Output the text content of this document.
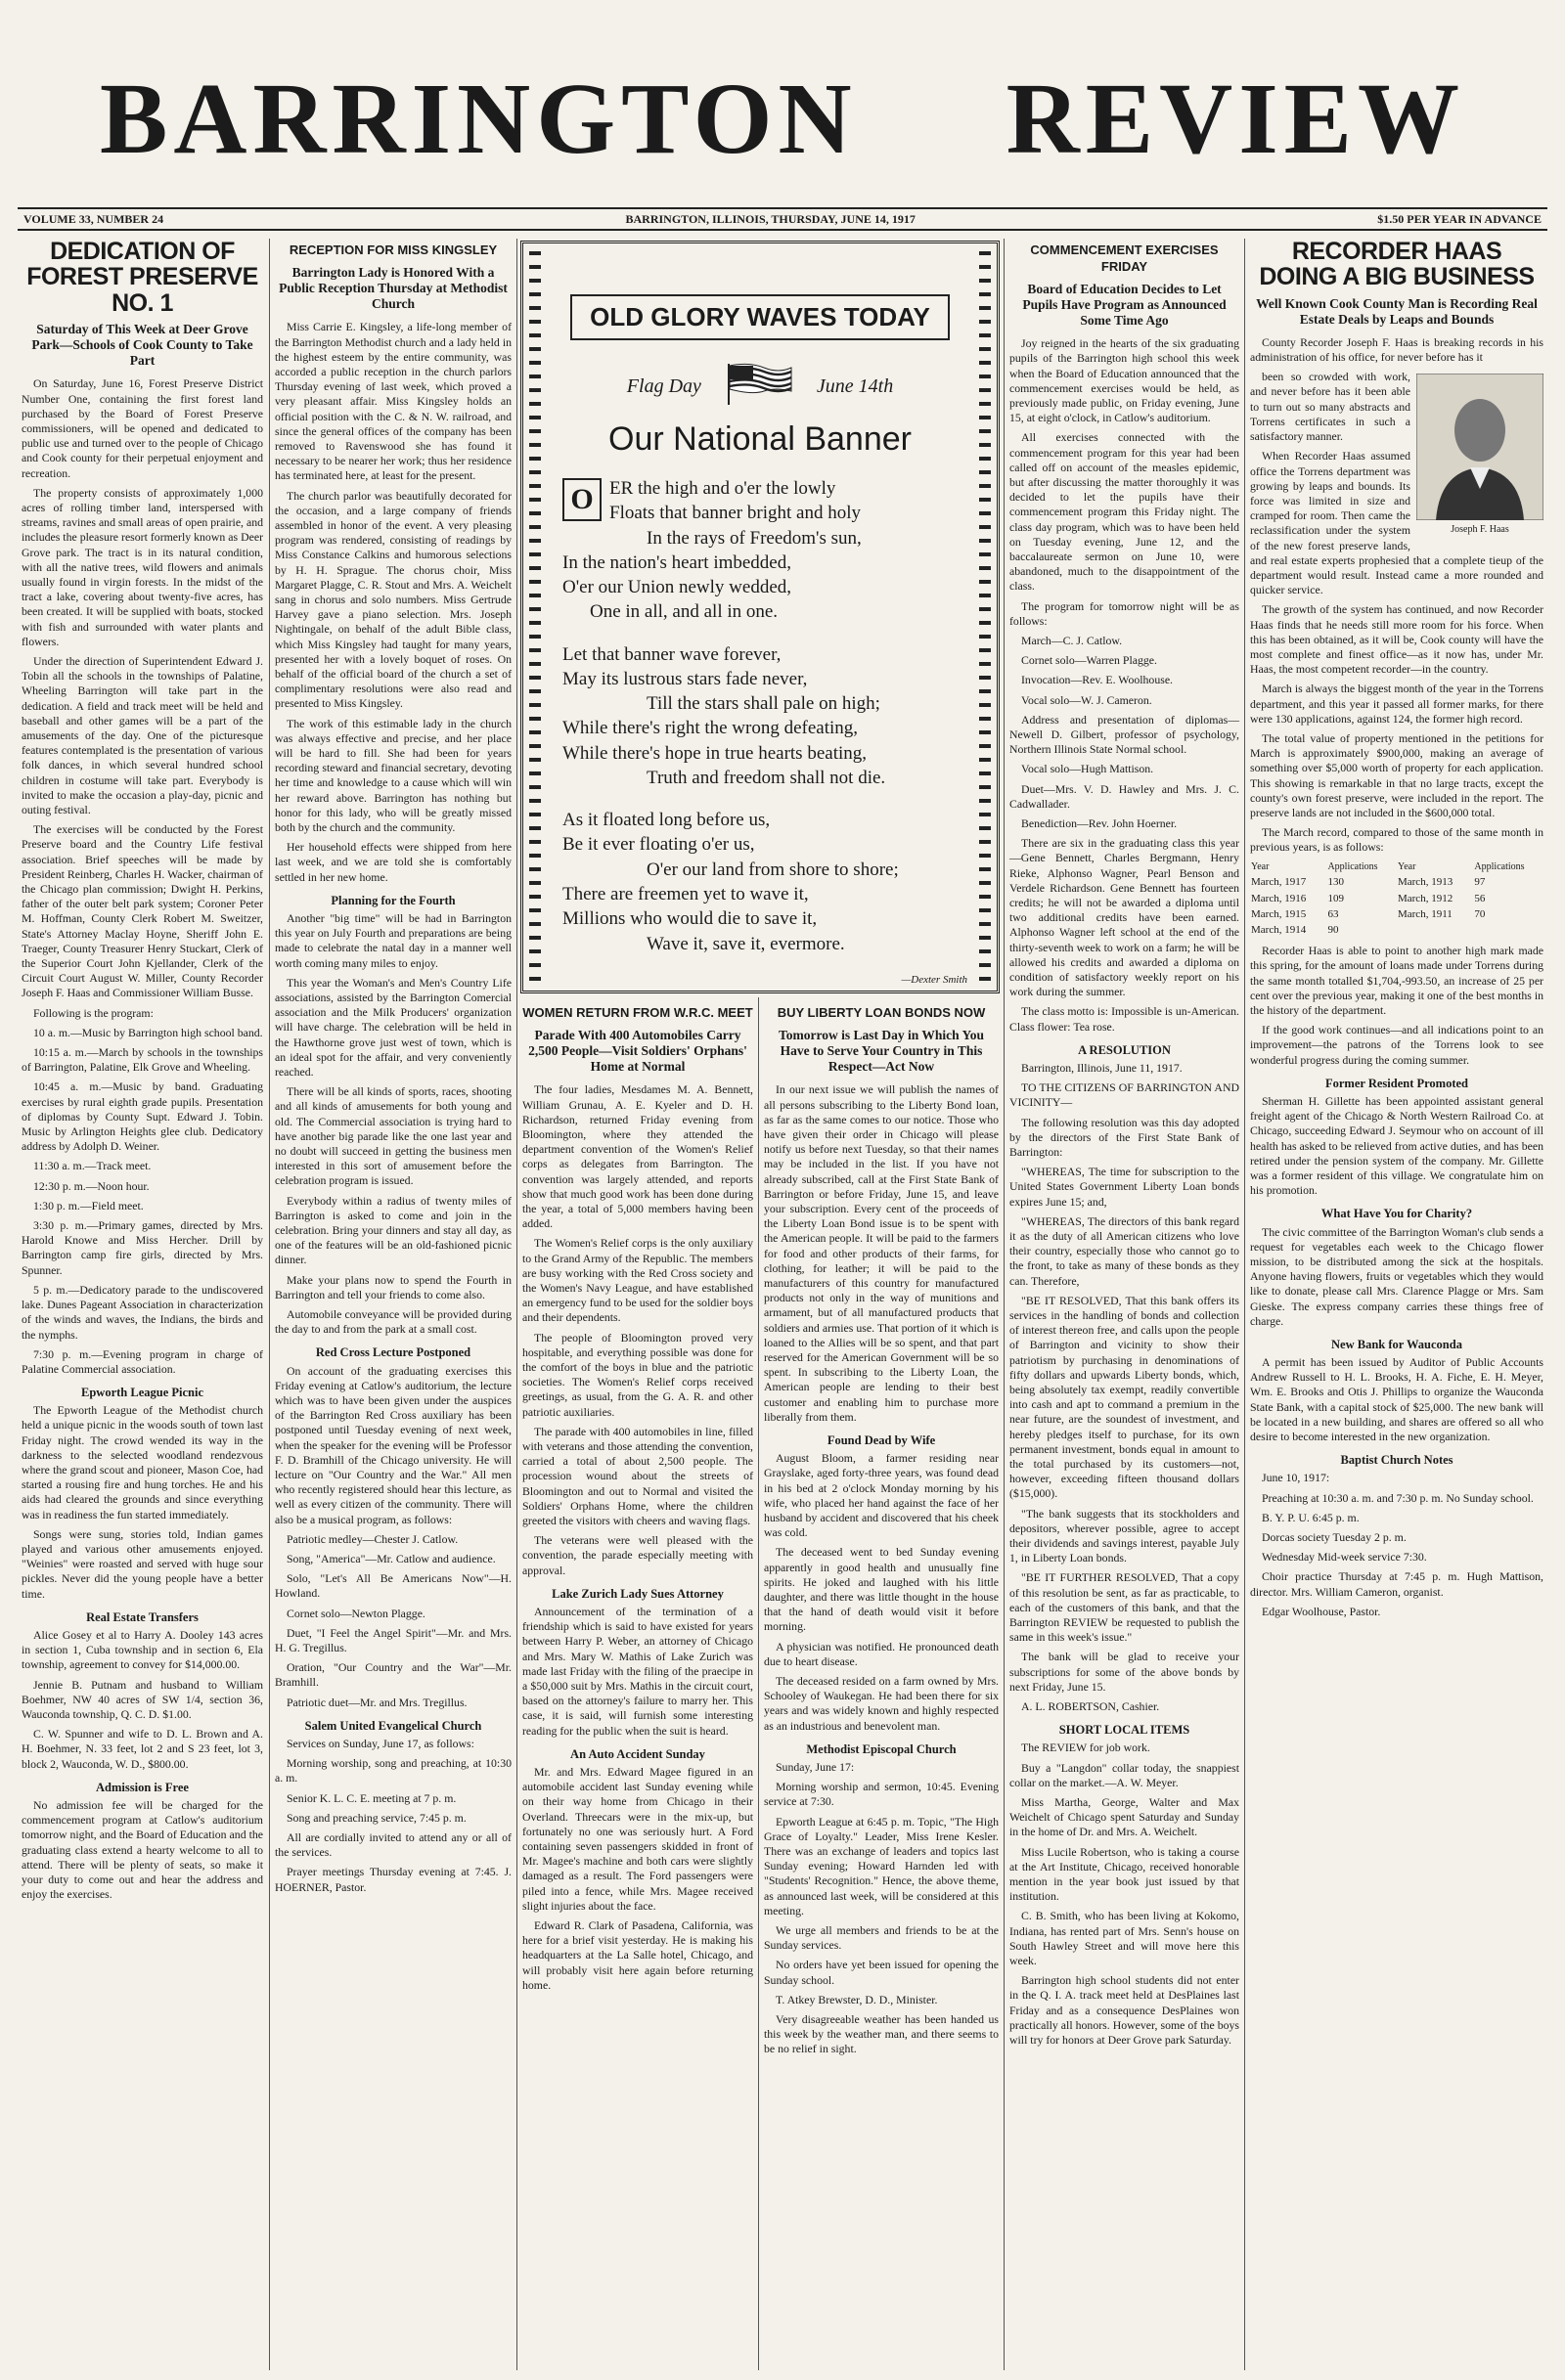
BARRINGTON REVIEW
VOLUME 33, NUMBER 24	BARRINGTON, ILLINOIS, THURSDAY, JUNE 14, 1917	$1.50 PER YEAR IN ADVANCE
DEDICATION OF FOREST PRESERVE NO. 1
Saturday of This Week at Deer Grove Park—Schools of Cook County to Take Part

On Saturday, June 16, Forest Preserve District Number One, containing the first forest land purchased by the Board of Forest Preserve commissioners, will be opened and dedicated to public use and turned over to the people of Chicago and Cook county for their perpetual enjoyment and recreation.

The property consists of approximately 1,000 acres of rolling timber land, interspersed with streams, ravines and small areas of open prairie, and includes the pleasure resort formerly known as Deer Grove park. The tract is in its natural condition, with all the native trees, wild flowers and animals usually found in virgin forests. In the midst of the tract a lake, covering about twenty-five acres, has been created. It will be supplied with boats, stocked with fish and surrounded with water plants and flowers.

Under the direction of Superintendent Edward J. Tobin all the schools in the townships of Palatine, Wheeling Barrington will take part in the dedication. A field and track meet will be held and baseball and other games will be a part of the amusements of the day. One of the picturesque features contemplated is the presentation of various folk dances, in which several hundred school children in costume will take part. Everybody is invited to make the occasion a play-day, picnic and outing festival.

The exercises will be conducted by the Forest Preserve board and the Country Life festival association. Brief speeches will be made by President Reinberg, Charles H. Wacker, chairman of the Chicago plan commission; Dwight H. Perkins, father of the outer belt park system; Coroner Peter M. Hoffman, County Clerk Robert M. Sweitzer, State's Attorney Maclay Hoyne, Sheriff John E. Traeger, County Treasurer Henry Stuckart, Clerk of the Superior Court John Kjellander, Clerk of the Circuit Court August W. Miller, County Recorder Joseph F. Haas and Commissioner William Busse.

Following is the program:

10 a. m.—Music by Barrington high school band.

10:15 a. m.—March by schools in the townships of Barrington, Palatine, Elk Grove and Wheeling.

10:45 a. m.—Music by band. Graduating exercises by rural eighth grade pupils. Presentation of diplomas by County Supt. Edward J. Tobin. Music by Arlington Heights glee club. Dedicatory address by Adolph D. Weiner.

11:30 a. m.—Track meet.

12:30 p. m.—Noon hour.

1:30 p. m.—Field meet.

3:30 p. m.—Primary games, directed by Mrs. Harold Knowe and Miss Hercher. Drill by Barrington camp fire girls, directed by Mrs. Spunner.

5 p. m.—Dedicatory parade to the undiscovered lake. Dunes Pageant Association in characterization of the winds and waves, the Indians, the birds and the nymphs.

7:30 p. m.—Evening program in charge of Palatine Commercial association.

Epworth League Picnic

The Epworth League of the Methodist church held a unique picnic in the woods south of town last Friday night. The crowd wended its way in the darkness to the selected woodland rendezvous where the grand scout and pioneer, Mason Coe, had started a rousing fire and hung torches. He and his aids had cleared the grounds and since everything was in readiness the fun started immediately.

Songs were sung, stories told, Indian games played and various other amusements enjoyed. "Weinies" were roasted and served with huge sour pickles. Never did the young people have a better time.

Real Estate Transfers

Alice Gosey et al to Harry A. Dooley 143 acres in section 1, Cuba township and in section 6, Ela township, agreement to convey for $14,000.00.

Jennie B. Putnam and husband to William Boehmer, NW 40 acres of SW 1/4, section 36, Wauconda township, Q. C. D. $1.00.

C. W. Spunner and wife to D. L. Brown and A. H. Boehmer, N. 33 feet, lot 2 and S 23 feet, lot 3, block 2, Wauconda, W. D., $800.00.

Admission is Free

No admission fee will be charged for the commencement program at Catlow's auditorium tomorrow night, and the Board of Education and the graduating class extend a hearty welcome to all to attend. There will be plenty of seats, so make it your duty to come out and hear the address and enjoy the exercises.

RECEPTION FOR MISS KINGSLEY
Barrington Lady is Honored With a Public Reception Thursday at Methodist Church

Miss Carrie E. Kingsley, a life-long member of the Barrington Methodist church and a lady held in the highest esteem by the entire community, was accorded a public reception in the church parlors Thursday evening of last week, which proved a very pleasant affair. Miss Kingsley holds an official position with the C. & N. W. railroad, and since the general offices of the company has been removed to Ravenswood she has found it necessary to be nearer her work; thus her residence has terminated here, at least for the present.

The church parlor was beautifully decorated for the occasion, and a large company of friends assembled in honor of the event. A very pleasing program was rendered, consisting of readings by Miss Constance Calkins and humorous selections by H. H. Sprague. The chorus choir, Miss Margaret Plagge, C. R. Stout and Mrs. A. Weichelt sang in chorus and solo numbers. Miss Gertrude Harvey gave a piano selection. Mrs. Joseph Nightingale, on behalf of the adult Bible class, which Miss Kingsley had taught for many years, presented her with a lovely boquet of roses. On behalf of the official board of the church a set of complimentary resolutions were also read and presented to Miss Kingsley.

The work of this estimable lady in the church was always effective and precise, and her place will be hard to fill. She had been for years recording steward and financial secretary, devoting her time and knowledge to a cause which will win her reward above. Barrington has nothing but honor for this lady, who will be greatly missed both by the church and the community.

Her household effects were shipped from here last week, and we are told she is comfortably settled in her new home.

Planning for the Fourth

Another "big time" will be had in Barrington this year on July Fourth and preparations are being made to celebrate the natal day in a manner well worth coming many miles to enjoy.

This year the Woman's and Men's Country Life associations, assisted by the Barrington Comercial association and the Milk Producers' organization will have charge. The celebration will be held in the Hawthorne grove just west of town, which is an ideal spot for the affair, and very conveniently reached.

There will be all kinds of sports, races, shooting and all kinds of amusements for both young and old. The Commercial association is trying hard to have another big parade like the one last year and no doubt will succeed in getting the business men interested in this sort of amusement before the celebration program is issued.

Everybody within a radius of twenty miles of Barrington is asked to come and join in the celebration. Bring your dinners and stay all day, as one of the features will be an old-fashioned picnic dinner.

Make your plans now to spend the Fourth in Barrington and tell your friends to come also.

Automobile conveyance will be provided during the day to and from the park at a small cost.

Red Cross Lecture Postponed

On account of the graduating exercises this Friday evening at Catlow's auditorium, the lecture which was to have been given under the auspices of the Barrington Red Cross auxiliary has been postponed until Tuesday evening of next week, when the speaker for the evening will be Professor F. D. Bramhill of the Chicago university. He will lecture on "Our Country and the War." All men who recently registered should hear this lecture, as well as every citizen of the community. There will also be a musical program, as follows:

Patriotic medley—Chester J. Catlow.

Song, "America"—Mr. Catlow and audience.

Solo, "Let's All Be Americans Now"—H. Howland.

Cornet solo—Newton Plagge.

Duet, "I Feel the Angel Spirit"—Mr. and Mrs. H. G. Tregillus.

Oration, "Our Country and the War"—Mr. Bramhill.

Patriotic duet—Mr. and Mrs. Tregillus.

Salem United Evangelical Church

Services on Sunday, June 17, as follows:

Morning worship, song and preaching, at 10:30 a. m.

Senior K. L. C. E. meeting at 7 p. m.

Song and preaching service, 7:45 p. m.

All are cordially invited to attend any or all of the services.

Prayer meetings Thursday evening at 7:45. J. HOERNER, Pastor.

OLD GLORY WAVES TODAY
Flag Day	June 14th
Our National Banner
O ER the high and o'er the lowly
Floats that banner bright and holy
In the rays of Freedom's sun,
In the nation's heart imbedded,
O'er our Union newly wedded,
One in all, and all in one.
Let that banner wave forever,
May its lustrous stars fade never,
Till the stars shall pale on high;
While there's right the wrong defeating,
While there's hope in true hearts beating,
Truth and freedom shall not die.
As it floated long before us,
Be it ever floating o'er us,
O'er our land from shore to shore;
There are freemen yet to wave it,
Millions who would die to save it,
Wave it, save it, evermore.
—Dexter Smith
WOMEN RETURN FROM W.R.C. MEET
Parade With 400 Automobiles Carry 2,500 People—Visit Soldiers' Orphans' Home at Normal

The four ladies, Mesdames M. A. Bennett, William Grunau, A. E. Kyeler and D. H. Richardson, returned Friday evening from Bloomington, where they attended the department convention of the Women's Relief corps as delegates from Barrington. The convention was largely attended, and reports show that much good work has been done during the year, a total of 5,000 members having been added.

The Women's Relief corps is the only auxiliary to the Grand Army of the Republic. The members are busy working with the Red Cross society and the Women's Navy League, and have established an emergency fund to be used for the soldier boys and their dependents.

The people of Bloomington proved very hospitable, and everything possible was done for the comfort of the boys in blue and the patriotic societies. The Women's Relief corps received greetings, as usual, from the G. A. R. and other patriotic auxiliaries.

The parade with 400 automobiles in line, filled with veterans and those attending the convention, carried a total of about 2,500 people. The procession wound about the streets of Bloomington and out to Normal and visited the Soldiers' Orphans Home, where the children greeted the visitors with cheers and waving flags.

The veterans were well pleased with the convention, the parade especially meeting with approval.

Lake Zurich Lady Sues Attorney

Announcement of the termination of a friendship which is said to have existed for years between Harry P. Weber, an attorney of Chicago and Mrs. Mary W. Mathis of Lake Zurich was made last Friday with the filing of the praecipe in a $50,000 suit by Mrs. Mathis in the circuit court, based on the attorney's failure to marry her. This case, it is said, will furnish some interesting reading for the public when the suit is heard.

An Auto Accident Sunday

Mr. and Mrs. Edward Magee figured in an automobile accident last Sunday evening while on their way home from Chicago in their Overland. Threecars were in the mix-up, but fortunately no one was seriously hurt. A Ford containing seven passengers skidded in front of Mr. Magee's machine and both cars were slightly damaged as a result. The Ford passengers were piled into a fence, while Mrs. Magee received slight injuries about the face.

Edward R. Clark of Pasadena, California, was here for a brief visit yesterday. He is making his headquarters at the La Salle hotel, Chicago, and will probably visit here again before returning home.

BUY LIBERTY LOAN BONDS NOW
Tomorrow is Last Day in Which You Have to Serve Your Country in This Respect—Act Now

In our next issue we will publish the names of all persons subscribing to the Liberty Bond loan, as far as the same comes to our notice. Those who have given their order in Chicago will please notify us before next Tuesday, so that their names may be included in the list. If you have not already subscribed, call at the First State Bank of Barrington or before Friday, June 15, and leave your subscription. Every cent of the proceeds of the Liberty Loan Bond issue is to be spent with the American people. It will be paid to the farmers for food and other products of their farms, for clothing, for leather; it will be paid to the manufacturers of this country for manufactured products not only in the way of munitions and armament, but of all manufactured products that soldiers and armies use. That portion of it which is loaned to the Allies will be so spent, and that part reserved for the American Government will be so spent. In subscribing to the Liberty Loan, the American people are lending to their best customer and enabling him to purchase more liberally from them.

Found Dead by Wife

August Bloom, a farmer residing near Grayslake, aged forty-three years, was found dead in his bed at 2 o'clock Monday morning by his wife, who placed her hand against the face of her husband by accident and discovered that his cheek was cold.

The deceased went to bed Sunday evening apparently in good health and unusually fine spirits. He joked and laughed with his little daughter, and there was little thought in the house that the hand of death would visit it before morning.

A physician was notified. He pronounced death due to heart disease.

The deceased resided on a farm owned by Mrs. Schooley of Waukegan. He had been there for six years and was widely known and highly respected as an industrious and benevolent man.

Methodist Episcopal Church

Sunday, June 17:

Morning worship and sermon, 10:45. Evening service at 7:30.

Epworth League at 6:45 p. m. Topic, "The High Grace of Loyalty." Leader, Miss Irene Kesler. There was an exchange of leaders and topics last Sunday evening; Howard Harnden led with "Students' Recognition." Hence, the above theme, as announced last week, will be considered at this meeting.

We urge all members and friends to be at the Sunday services.

No orders have yet been issued for opening the Sunday school.

T. Atkey Brewster, D. D., Minister.

Very disagreeable weather has been handed us this week by the weather man, and there seems to be no relief in sight.

COMMENCEMENT EXERCISES FRIDAY
Board of Education Decides to Let Pupils Have Program as Announced Some Time Ago

Joy reigned in the hearts of the six graduating pupils of the Barrington high school this week when the Board of Education announced that the commencement exercises would be held, as previously made public, on Friday evening, June 15, at eight o'clock, in Catlow's auditorium.

All exercises connected with the commencement program for this year had been called off on account of the measles epidemic, but after discussing the matter thoroughly it was decided to let the pupils have their commencement program this Friday night. The class day program, which was to have been held on Tuesday evening, June 12, and the baccalaureate sermon on June 10, were abandoned, much to the disappointment of the class.

The program for tomorrow night will be as follows:

March—C. J. Catlow.

Cornet solo—Warren Plagge.

Invocation—Rev. E. Woolhouse.

Vocal solo—W. J. Cameron.

Address and presentation of diplomas—Newell D. Gilbert, professor of psychology, Northern Illinois State Normal school.

Vocal solo—Hugh Mattison.

Duet—Mrs. V. D. Hawley and Mrs. J. C. Cadwallader.

Benediction—Rev. John Hoerner.

There are six in the graduating class this year—Gene Bennett, Charles Bergmann, Henry Rieke, Alphonso Wagner, Pearl Benson and Verdele Richardson. Gene Bennett has fourteen credits; he will not be awarded a diploma until two additional credits have been earned. Alphonso Wagner left school at the end of the thirty-seventh week to work on a farm; he will be allowed his credits and awarded a diploma on condition of satisfactory weekly report on his work during the summer.

The class motto is: Impossible is un-American. Class flower: Tea rose.

A RESOLUTION

Barrington, Illinois, June 11, 1917.

TO THE CITIZENS OF BARRINGTON AND VICINITY—

The following resolution was this day adopted by the directors of the First State Bank of Barrington:

"WHEREAS, The time for subscription to the United States Government Liberty Loan bonds expires June 15; and,

"WHEREAS, The directors of this bank regard it as the duty of all American citizens who love their country, especially those who cannot go to the front, to take as many of these bonds as they can. Therefore,

"BE IT RESOLVED, That this bank offers its services in the handling of bonds and collection of interest thereon free, and calls upon the people of Barrington and vicinity to show their patriotism by purchasing in denominations of fifty dollars and upwards Liberty bonds, which, being absolutely tax exempt, readily convertible into cash and apt to command a premium in the near future, are the soundest of investment, and hereby pledges itself to purchase, for its own permanent investment, bonds equal in amount to the total purchased by its customers—not, however, exceeding fifteen thousand dollars ($15,000).

"The bank suggests that its stockholders and depositors, wherever possible, agree to accept their dividends and savings interest, payable July 1, in Liberty Loan bonds.

"BE IT FURTHER RESOLVED, That a copy of this resolution be sent, as far as practicable, to each of the customers of this bank, and that the Barrington REVIEW be requested to publish the same in this week's issue."

The bank will be glad to receive your subscriptions for some of the above bonds by next Friday, June 15.

A. L. ROBERTSON, Cashier.

SHORT LOCAL ITEMS

The REVIEW for job work.

Buy a "Langdon" collar today, the snappiest collar on the market.—A. W. Meyer.

Miss Martha, George, Walter and Max Weichelt of Chicago spent Saturday and Sunday in the home of Dr. and Mrs. A. Weichelt.

Miss Lucile Robertson, who is taking a course at the Art Institute, Chicago, received honorable mention in the year book just issued by that institution.

C. B. Smith, who has been living at Kokomo, Indiana, has rented part of Mrs. Senn's house on South Hawley Street and will move here this week.

Barrington high school students did not enter in the Q. I. A. track meet held at DesPlaines last Friday and as a consequence DesPlaines won practically all honors. However, some of the boys will try for honors at Deer Grove park Saturday.

RECORDER HAAS DOING A BIG BUSINESS
Well Known Cook County Man is Recording Real Estate Deals by Leaps and Bounds

County Recorder Joseph F. Haas is breaking records in his administration of his office, for never before has it

Joseph F. Haas

been so crowded with work, and never before has it been able to turn out so many abstracts and Torrens certificates in such a satisfactory manner.

When Recorder Haas assumed office the Torrens department was growing by leaps and bounds. Its force was limited in size and cramped for room. Then came the reclassification under the system of the new forest preserve lands, and real estate experts prophesied that a complete tieup of the department would result. Instead came a more rounded and quicker service.

The growth of the system has continued, and now Recorder Haas finds that he needs still more room for his force. When this has been obtained, as it will be, Cook county will have the most complete and finest office—as it now has, under Mr. Haas, the most competent recorder—in the country.

March is always the biggest month of the year in the Torrens department, and this year it passed all former marks, for there were 130 applications, against 124, the former high record.

The total value of property mentioned in the petitions for March is approximately $900,000, making an average of something over $5,000 worth of property for each application. This showing is remarkable in that no large tracts, except the county's own forest preserve, were included in the report. The preserve lands are not included in the $600,000 total.

The March record, compared to those of the same month in previous years, is as follows:

Year	Applications	Year	Applications
March, 1917	130	March, 1913	97
March, 1916	109	March, 1912	56
March, 1915	63	March, 1911	70
March, 1914	90		

Recorder Haas is able to point to another high mark made this spring, for the amount of loans made under Torrens during the same month totalled $1,704,-993.50, an increase of 25 per cent over the previous year, making it one of the best months in the history of the department.

If the good work continues—and all indications point to an improvement—the patrons of the Torrens look to see wonderful progress during the coming summer.

Former Resident Promoted

Sherman H. Gillette has been appointed assistant general freight agent of the Chicago & North Western Railroad Co. at Chicago, succeeding Edward J. Seymour who on account of ill health has asked to be relieved from active duties, and has been retired under the pension system of the company. Mr. Gillette was a former resident of this village. We congratulate him on his promotion.

What Have You for Charity?

The civic committee of the Barrington Woman's club sends a request for vegetables each week to the Chicago flower mission, to be distributed among the sick at the hospitals. Anyone having flowers, fruits or vegetables which they would like to donate, please call Mrs. Clarence Plagge or Mrs. Sam Gieske. The express company carries these things free of charge.

New Bank for Wauconda

A permit has been issued by Auditor of Public Accounts Andrew Russell to H. L. Brooks, H. A. Fiche, E. H. Meyer, Wm. E. Brooks and Otis J. Phillips to organize the Wauconda State Bank, with a capital stock of $25,000. The new bank will be located in a new building, and shares are offered so all who desire to become interested in the new organization.

Baptist Church Notes

June 10, 1917:

Preaching at 10:30 a. m. and 7:30 p. m. No Sunday school.

B. Y. P. U. 6:45 p. m.

Dorcas society Tuesday 2 p. m.

Wednesday Mid-week service 7:30.

Choir practice Thursday at 7:45 p. m. Hugh Mattison, director. Mrs. William Cameron, organist.

Edgar Woolhouse, Pastor.
